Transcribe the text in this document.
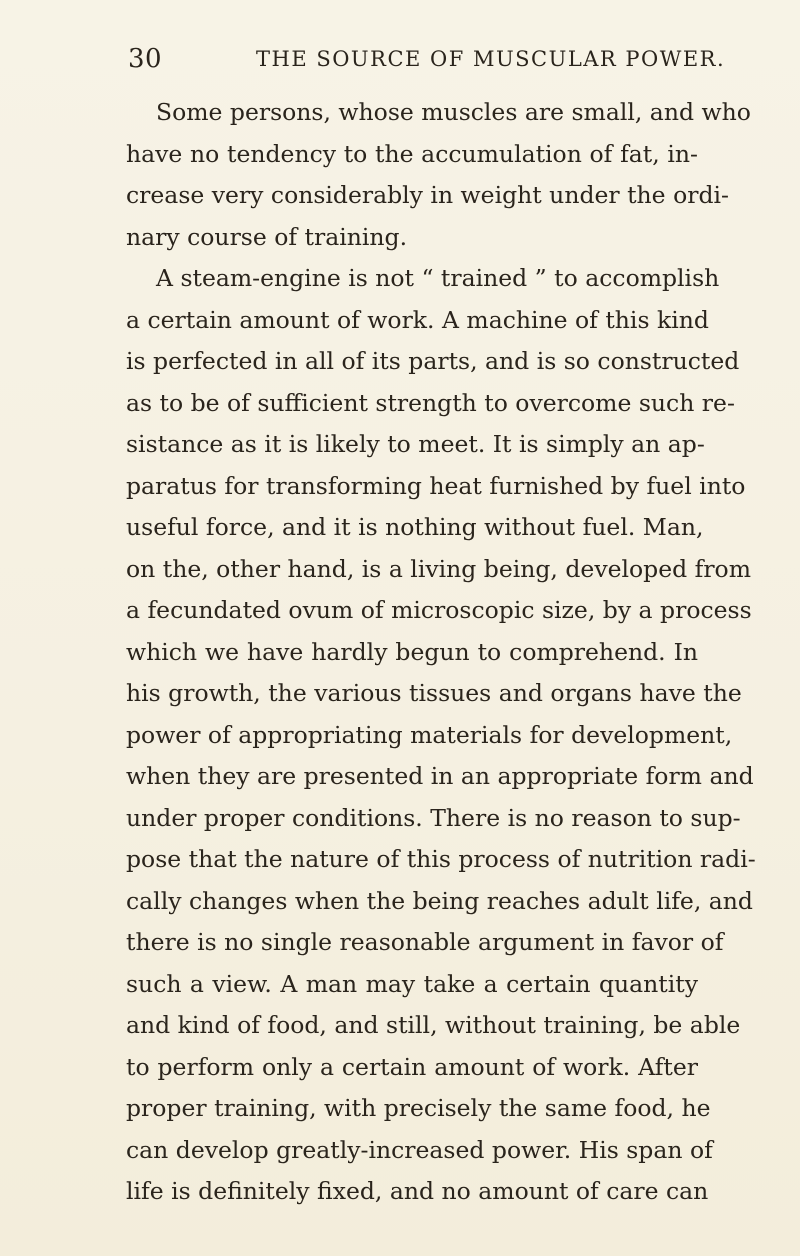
30	THE SOURCE OF MUSCULAR POWER.
Some persons, whose muscles are small, and who
have no tendency to the accumulation of fat, in-
crease very considerably in weight under the ordi-
nary course of training.
A steam-engine is not “ trained ” to accomplish
a certain amount of work. A machine of this kind
is perfected in all of its parts, and is so constructed
as to be of sufficient strength to overcome such re-
sistance as it is likely to meet. It is simply an ap-
paratus for transforming heat furnished by fuel into
useful force, and it is nothing without fuel. Man,
on the, other hand, is a living being, developed from
a fecundated ovum of microscopic size, by a process
which we have hardly begun to comprehend. In
his growth, the various tissues and organs have the
power of appropriating materials for development,
when they are presented in an appropriate form and
under proper conditions. There is no reason to sup-
pose that the nature of this process of nutrition radi-
cally changes when the being reaches adult life, and
there is no single reasonable argument in favor of
such a view. A man may take a certain quantity
and kind of food, and still, without training, be able
to perform only a certain amount of work. After
proper training, with precisely the same food, he
can develop greatly-increased power. His span of
life is definitely fixed, and no amount of care can
